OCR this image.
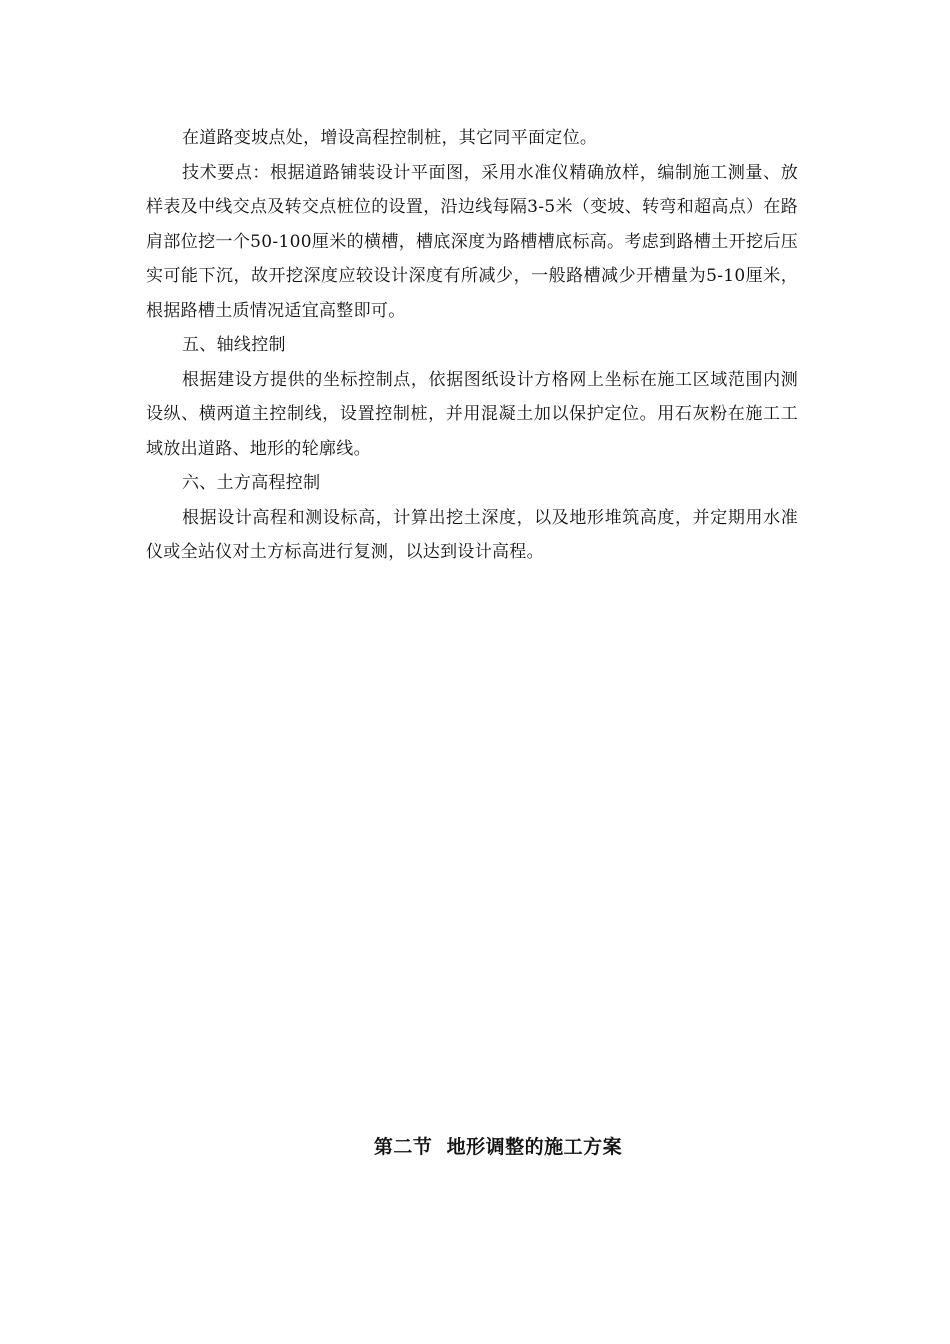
在道路变坡点处，增设高程控制桩，其它同平面定位。

技术要点：根据道路铺装设计平面图，采用水准仪精确放样，编制施工测量、放样表及中线交点及转交点桩位的设置，沿边线每隔3-5米（变坡、转弯和超高点）在路肩部位挖一个50-100厘米的横槽，槽底深度为路槽槽底标高。考虑到路槽土开挖后压实可能下沉，故开挖深度应较设计深度有所减少，一般路槽减少开槽量为5-10厘米，根据路槽土质情况适宜高整即可。

五、轴线控制

根据建设方提供的坐标控制点，依据图纸设计方格网上坐标在施工区域范围内测设纵、横两道主控制线，设置控制桩，并用混凝土加以保护定位。用石灰粉在施工工域放出道路、地形的轮廓线。

六、土方高程控制

根据设计高程和测设标高，计算出挖土深度，以及地形堆筑高度，并定期用水准仪或全站仪对土方标高进行复测，以达到设计高程。

第二节  地形调整的施工方案
